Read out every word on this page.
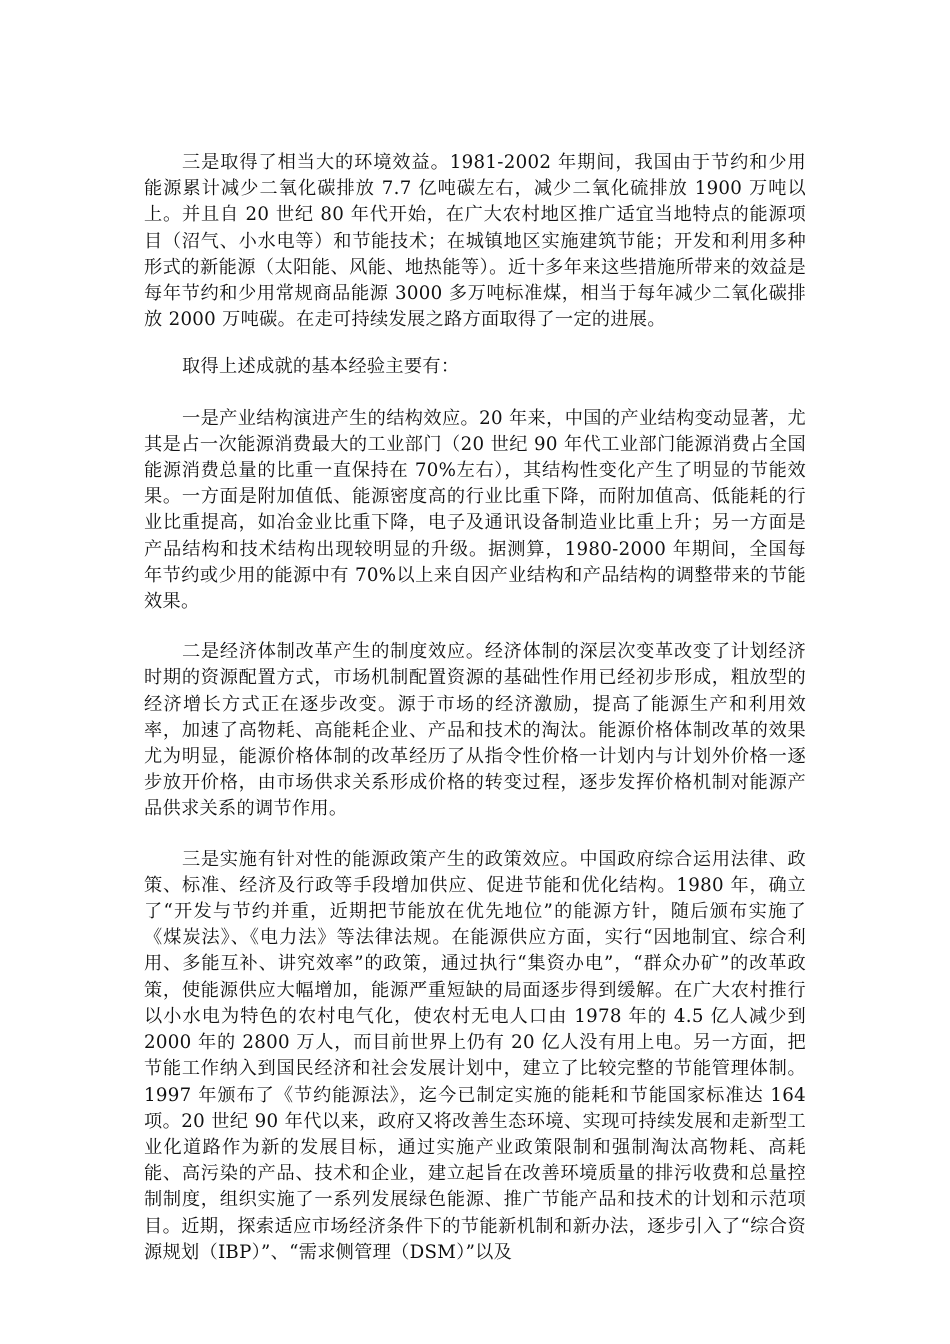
三是取得了相当大的环境效益。1981-2002 年期间，我国由于节约和少用能源累计减少二氧化碳排放 7.7 亿吨碳左右，减少二氧化硫排放 1900 万吨以上。并且自 20 世纪 80 年代开始，在广大农村地区推广适宜当地特点的能源项目（沼气、小水电等）和节能技术；在城镇地区实施建筑节能；开发和利用多种形式的新能源（太阳能、风能、地热能等）。近十多年来这些措施所带来的效益是每年节约和少用常规商品能源 3000 多万吨标准煤，相当于每年减少二氧化碳排放 2000 万吨碳。在走可持续发展之路方面取得了一定的进展。

取得上述成就的基本经验主要有：

一是产业结构演进产生的结构效应。20 年来，中国的产业结构变动显著，尤其是占一次能源消费最大的工业部门（20 世纪 90 年代工业部门能源消费占全国能源消费总量的比重一直保持在 70%左右），其结构性变化产生了明显的节能效果。一方面是附加值低、能源密度高的行业比重下降，而附加值高、低能耗的行业比重提高，如冶金业比重下降，电子及通讯设备制造业比重上升；另一方面是产品结构和技术结构出现较明显的升级。据测算，1980-2000 年期间，全国每年节约或少用的能源中有 70%以上来自因产业结构和产品结构的调整带来的节能效果。

二是经济体制改革产生的制度效应。经济体制的深层次变革改变了计划经济时期的资源配置方式，市场机制配置资源的基础性作用已经初步形成，粗放型的经济增长方式正在逐步改变。源于市场的经济激励，提高了能源生产和利用效率，加速了高物耗、高能耗企业、产品和技术的淘汰。能源价格体制改革的效果尤为明显，能源价格体制的改革经历了从指令性价格一计划内与计划外价格一逐步放开价格，由市场供求关系形成价格的转变过程，逐步发挥价格机制对能源产品供求关系的调节作用。

三是实施有针对性的能源政策产生的政策效应。中国政府综合运用法律、政策、标准、经济及行政等手段增加供应、促进节能和优化结构。1980 年，确立了“开发与节约并重，近期把节能放在优先地位”的能源方针，随后颁布实施了《煤炭法》、《电力法》等法律法规。在能源供应方面，实行“因地制宜、综合利用、多能互补、讲究效率”的政策，通过执行“集资办电”，“群众办矿”的改革政策，使能源供应大幅增加，能源严重短缺的局面逐步得到缓解。在广大农村推行以小水电为特色的农村电气化，使农村无电人口由 1978 年的 4.5 亿人减少到 2000 年的 2800 万人，而目前世界上仍有 20 亿人没有用上电。另一方面，把节能工作纳入到国民经济和社会发展计划中，建立了比较完整的节能管理体制。1997 年颁布了《节约能源法》，迄今已制定实施的能耗和节能国家标准达 164 项。20 世纪 90 年代以来，政府又将改善生态环境、实现可持续发展和走新型工业化道路作为新的发展目标，通过实施产业政策限制和强制淘汰高物耗、高耗能、高污染的产品、技术和企业，建立起旨在改善环境质量的排污收费和总量控制制度，组织实施了一系列发展绿色能源、推广节能产品和技术的计划和示范项目。近期，探索适应市场经济条件下的节能新机制和新办法，逐步引入了“综合资源规划（IBP）”、“需求侧管理（DSM）”以及
